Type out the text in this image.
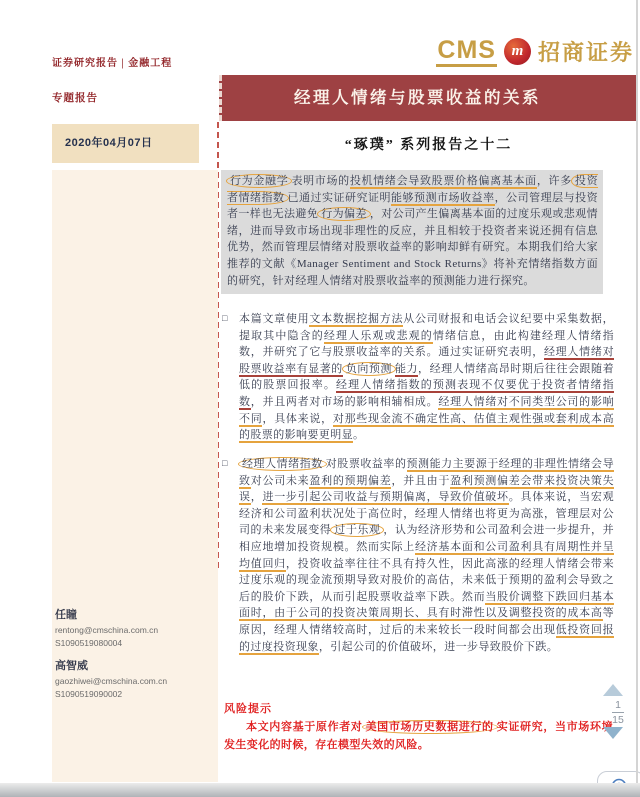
证券研究报告 | 金融工程	CMS	m 招商证券
专题报告	经理人情绪与股票收益的关系
2020年04月07日	“琢璞” 系列报告之十二
行为金融学 表明市场的投机情绪会导致股票价格偏离基本面，许多 投资者情绪指数 已通过实证研究证明能够预测市场收益率，公司管理层与投资者一样也无法避免 行为偏差 ，对公司产生偏离基本面的过度乐观或悲观情绪，进而导致市场出现非理性的反应，并且相较于投资者来说还拥有信息优势，然而管理层情绪对股票收益率的影响却鲜有研究。本期我们给大家推荐的文献《Manager Sentiment and Stock Returns》将补充情绪指数方面的研究，针对经理人情绪对股票收益率的预测能力进行探究。
□	本篇文章使用文本数据挖掘方法从公司财报和电话会议纪要中采集数据，提取其中隐含的经理人乐观或悲观的情绪信息，由此构建经理人情绪指数，并研究了它与股票收益率的关系。通过实证研究表明，经理人情绪对股票收益率有显著的 负向预测 能力，经理人情绪高昂时期后往往会跟随着低的股票回报率。经理人情绪指数的预测表现不仅要优于投资者情绪指数，并且两者对市场的影响相辅相成。经理人情绪对不同类型公司的影响不同，具体来说，对那些现金流不确定性高、估值主观性强或套利成本高的股票的影响要更明显。
□	经理人情绪指数 对股票收益率的预测能力主要源于经理的非理性情绪会导致对公司未来盈利的预期偏差，并且由于盈利预测偏差会带来投资决策失误，进一步引起公司收益与预期偏离，导致价值破坏。具体来说，当宏观经济和公司盈利状况处于高位时，经理人情绪也将更为高涨，管理层对公司的未来发展变得 过于乐观 ，认为经济形势和公司盈利会进一步提升，并相应地增加投资规模。然而实际上经济基本面和公司盈利具有周期性并呈均值回归，投资收益率往往不具有持久性，因此高涨的经理人情绪会带来过度乐观的现金流预期导致对股价的高估，未来低于预期的盈利会导致之后的股价下跌，从而引起股票收益率下跌。然而当股价调整下跌回归基本面时，由于公司的投资决策周期长、具有时滞性以及调整投资的成本高等原因，经理人情绪较高时，过后的未来较长一段时间都会出现低投资回报的过度投资现象，引起公司的价值破坏，进一步导致股价下跌。
风险提示
本文内容基于原作者对 美国市场历史数据进行的 实证研究，当市场环境发生变化的时候，存在模型失效的风险。
任瞳
rentong@cmschina.com.cn
S1090519080004
高智威
gaozhiwei@cmschina.com.cn
S1090519090002
1
15
